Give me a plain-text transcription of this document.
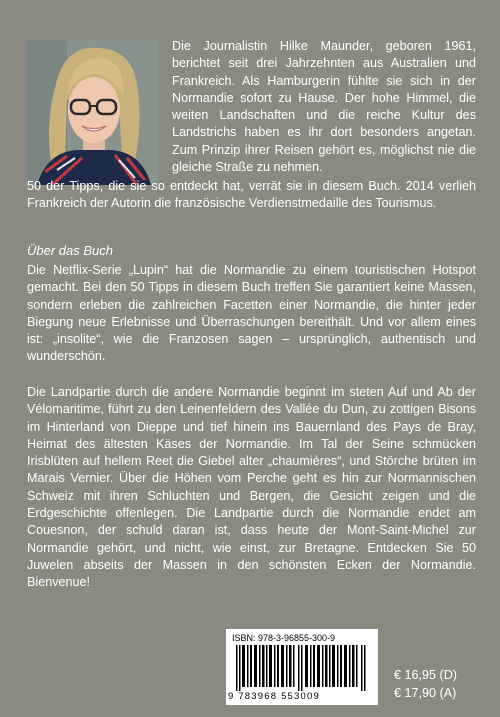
Die Journalistin Hilke Maunder, geboren 1961, berichtet seit drei Jahrzehnten aus Australien und Frankreich. Als Hamburgerin fühlte sie sich in der Normandie sofort zu Hause. Der hohe Himmel, die weiten Landschaften und die reiche Kultur des Landstrichs haben es ihr dort besonders angetan. Zum Prinzip ihrer Reisen gehört es, möglichst nie die gleiche Straße zu nehmen.

50 der Tipps, die sie so entdeckt hat, verrät sie in diesem Buch. 2014 verlieh Frankreich der Autorin die französische Verdienstmedaille des Tourismus.

Über das Buch

Die Netflix-Serie „Lupin“ hat die Normandie zu einem touristischen Hotspot gemacht. Bei den 50 Tipps in diesem Buch treffen Sie garantiert keine Massen, sondern erleben die zahlreichen Facetten einer Normandie, die hinter jeder Biegung neue Erlebnisse und Überraschungen bereithält. Und vor allem eines ist: „insolite“, wie die Franzosen sagen – ursprünglich, authentisch und wunderschön.

Die Landpartie durch die andere Normandie beginnt im steten Auf und Ab der Vélomaritime, führt zu den Leinenfeldern des Vallée du Dun, zu zottigen Bisons im Hinterland von Dieppe und tief hinein ins Bauernland des Pays de Bray, Heimat des ältesten Käses der Normandie. Im Tal der Seine schmücken Irisblüten auf hellem Reet die Giebel alter „chaumières“, und Störche brüten im Marais Vernier. Über die Höhen vom Perche geht es hin zur Normannischen Schweiz mit ihren Schluchten und Bergen, die Gesicht zeigen und die Erdgeschichte offenlegen. Die Landpartie durch die Normandie endet am Couesnon, der schuld daran ist, dass heute der Mont-Saint-Michel zur Normandie gehört, und nicht, wie einst, zur Bretagne. Entdecken Sie 50 Juwelen abseits der Massen in den schönsten Ecken der Normandie. Bienvenue!

ISBN: 978-3-96855-300-9
9 783968 553009
€ 16,95 (D)
€ 17,90 (A)
